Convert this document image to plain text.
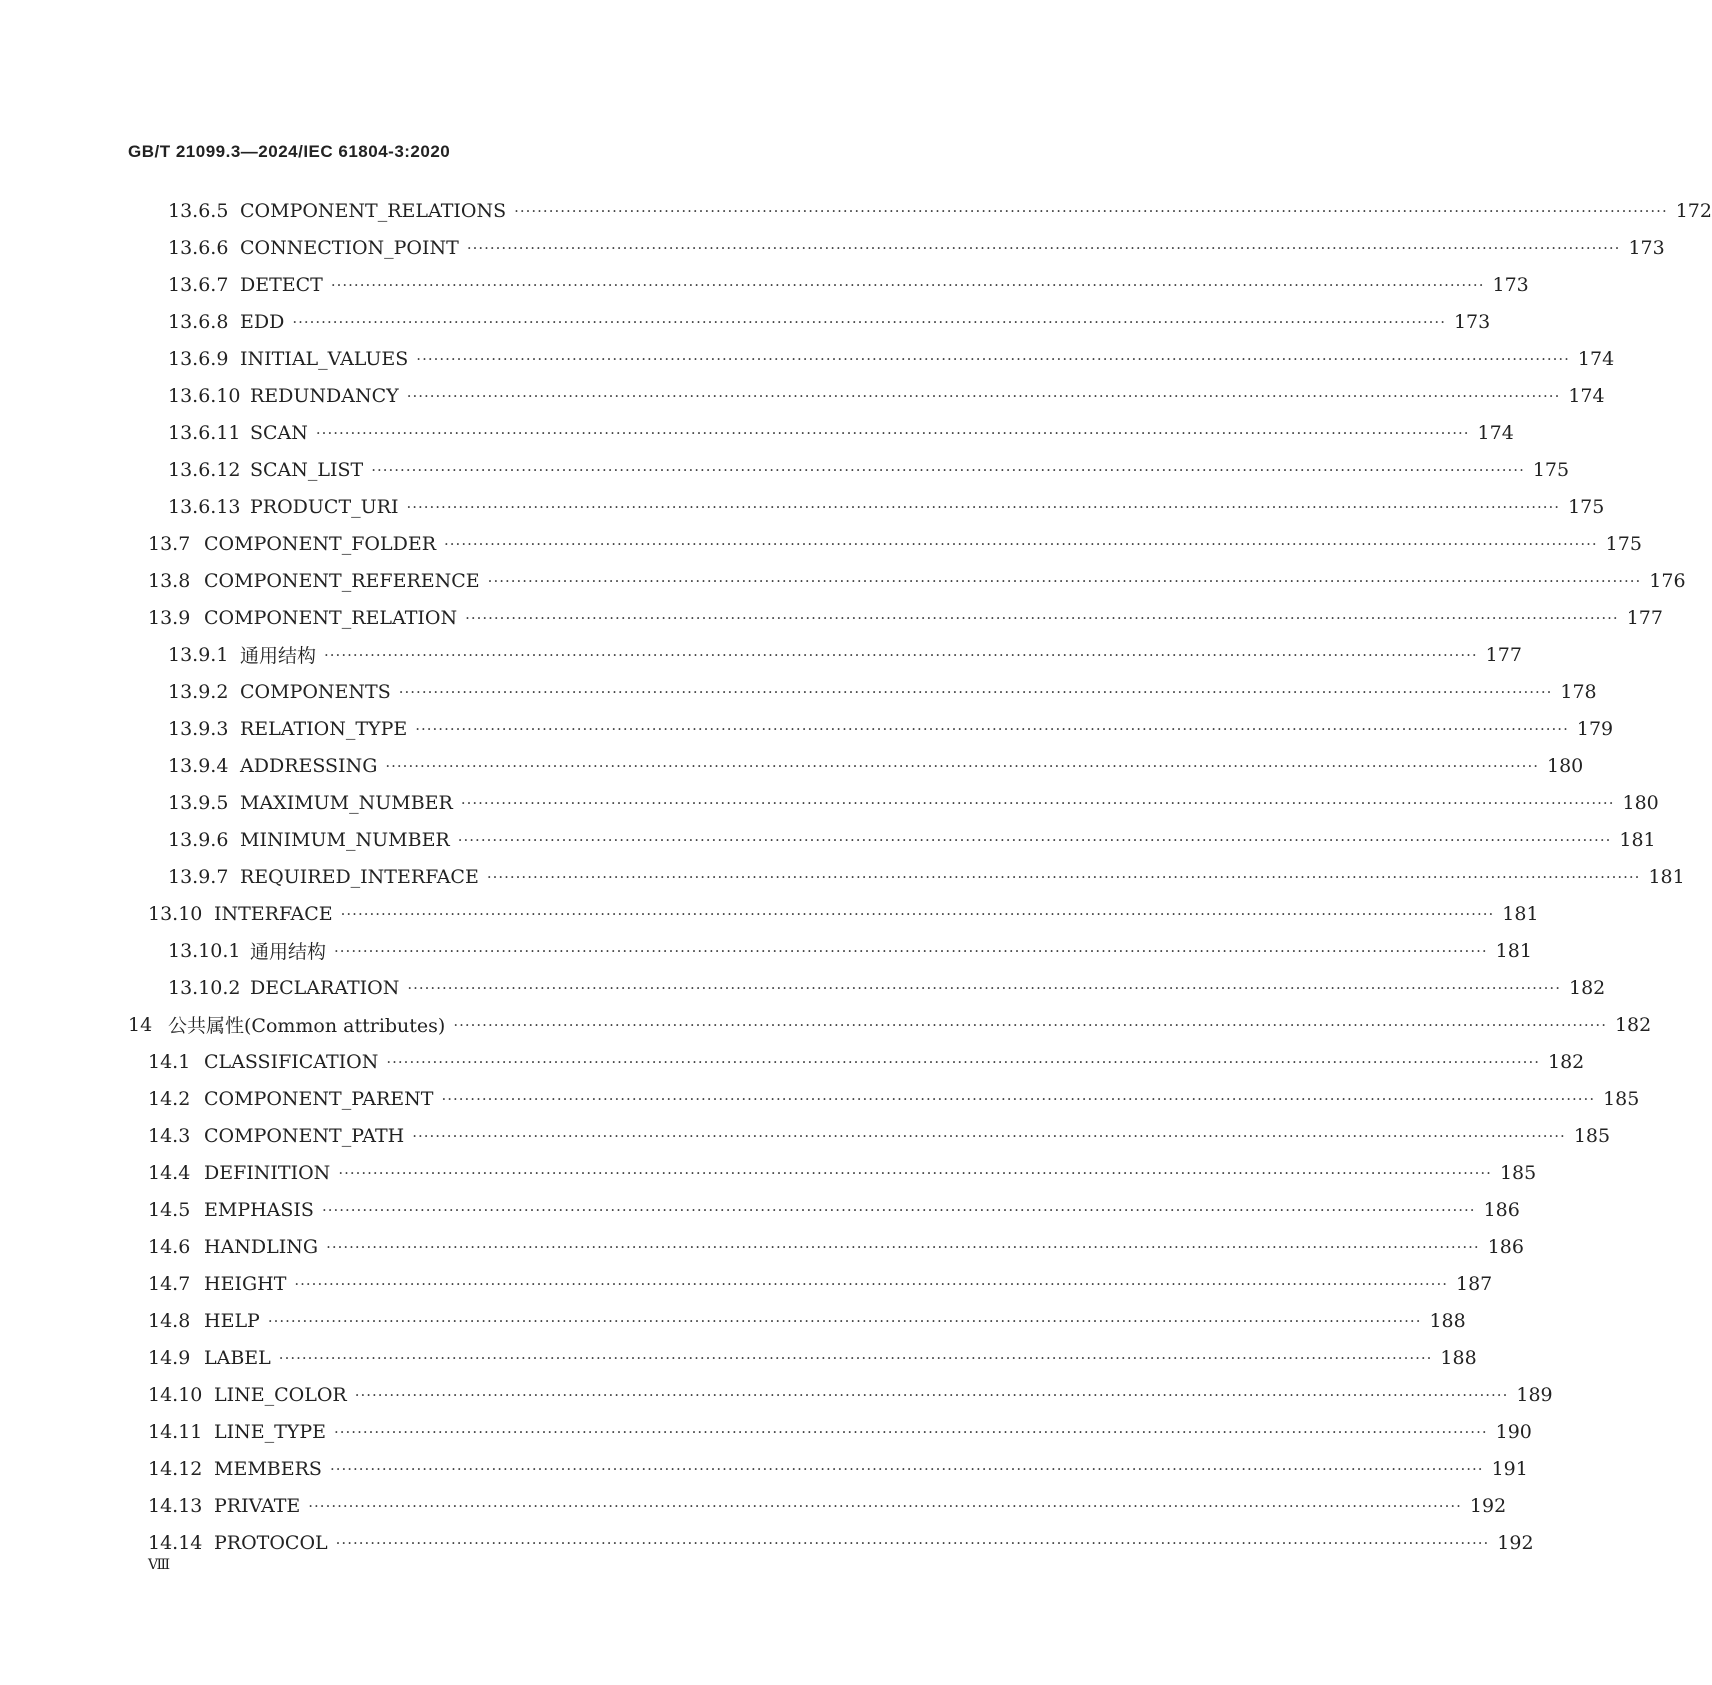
GB/T 21099.3—2024/IEC 61804-3:2020
13.6.5 COMPONENT_RELATIONS ········································································································································································································ 172
13.6.6 CONNECTION_POINT ········································································································································································································ 173
13.6.7 DETECT ········································································································································································································ 173
13.6.8 EDD ········································································································································································································ 173
13.6.9 INITIAL_VALUES ········································································································································································································ 174
13.6.10 REDUNDANCY ········································································································································································································ 174
13.6.11 SCAN ········································································································································································································ 174
13.6.12 SCAN_LIST ········································································································································································································ 175
13.6.13 PRODUCT_URI ········································································································································································································ 175
13.7 COMPONENT_FOLDER ········································································································································································································ 175
13.8 COMPONENT_REFERENCE ········································································································································································································ 176
13.9 COMPONENT_RELATION ········································································································································································································ 177
13.9.1 通用结构 ········································································································································································································ 177
13.9.2 COMPONENTS ········································································································································································································ 178
13.9.3 RELATION_TYPE ········································································································································································································ 179
13.9.4 ADDRESSING ········································································································································································································ 180
13.9.5 MAXIMUM_NUMBER ········································································································································································································ 180
13.9.6 MINIMUM_NUMBER ········································································································································································································ 181
13.9.7 REQUIRED_INTERFACE ········································································································································································································ 181
13.10 INTERFACE ········································································································································································································ 181
13.10.1 通用结构 ········································································································································································································ 181
13.10.2 DECLARATION ········································································································································································································ 182
14 公共属性(Common attributes) ········································································································································································································ 182
14.1 CLASSIFICATION ········································································································································································································ 182
14.2 COMPONENT_PARENT ········································································································································································································ 185
14.3 COMPONENT_PATH ········································································································································································································ 185
14.4 DEFINITION ········································································································································································································ 185
14.5 EMPHASIS ········································································································································································································ 186
14.6 HANDLING ········································································································································································································ 186
14.7 HEIGHT ········································································································································································································ 187
14.8 HELP ········································································································································································································ 188
14.9 LABEL ········································································································································································································ 188
14.10 LINE_COLOR ········································································································································································································ 189
14.11 LINE_TYPE ········································································································································································································ 190
14.12 MEMBERS ········································································································································································································ 191
14.13 PRIVATE ········································································································································································································ 192
14.14 PROTOCOL ········································································································································································································ 192
Ⅷ
